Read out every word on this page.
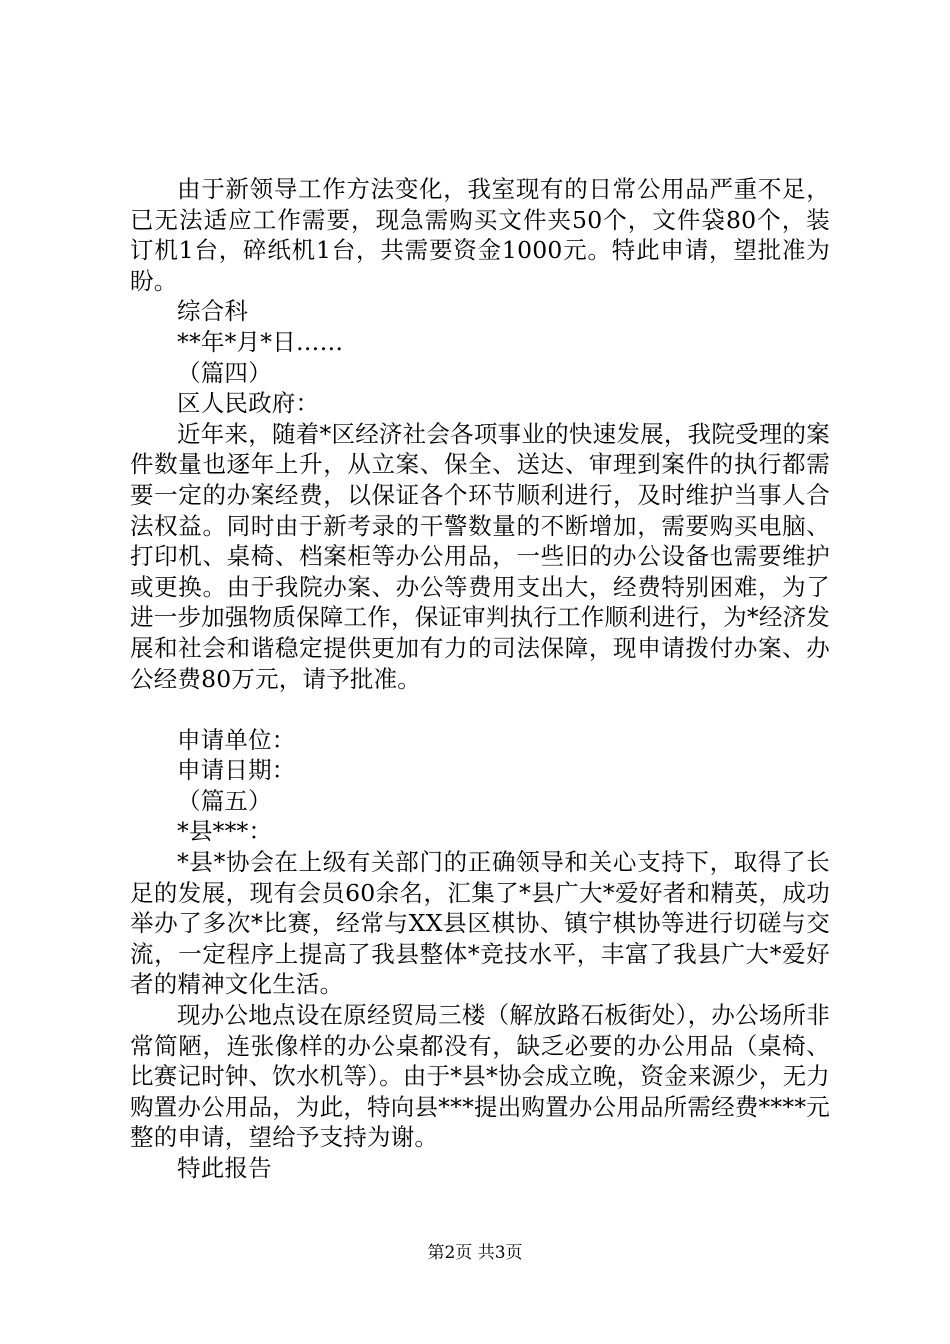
由于新领导工作方法变化，我室现有的日常公用品严重不足，已无法适应工作需要，现急需购买文件夹50个，文件袋80个，装订机1台，碎纸机1台，共需要资金1000元。特此申请，望批准为盼。

综合科

**年*月*日……

（篇四）

区人民政府：

近年来，随着*区经济社会各项事业的快速发展，我院受理的案件数量也逐年上升，从立案、保全、送达、审理到案件的执行都需要一定的办案经费，以保证各个环节顺利进行，及时维护当事人合法权益。同时由于新考录的干警数量的不断增加，需要购买电脑、打印机、桌椅、档案柜等办公用品，一些旧的办公设备也需要维护或更换。由于我院办案、办公等费用支出大，经费特别困难，为了进一步加强物质保障工作，保证审判执行工作顺利进行，为*经济发展和社会和谐稳定提供更加有力的司法保障，现申请拨付办案、办公经费80万元，请予批准。

申请单位：

申请日期：

（篇五）

*县***：

*县*协会在上级有关部门的正确领导和关心支持下，取得了长足的发展，现有会员60余名，汇集了*县广大*爱好者和精英，成功举办了多次*比赛，经常与XX县区棋协、镇宁棋协等进行切磋与交流，一定程序上提高了我县整体*竞技水平，丰富了我县广大*爱好者的精神文化生活。

现办公地点设在原经贸局三楼（解放路石板街处），办公场所非常简陋，连张像样的办公桌都没有，缺乏必要的办公用品（桌椅、比赛记时钟、饮水机等）。由于*县*协会成立晚，资金来源少，无力购置办公用品，为此，特向县***提出购置办公用品所需经费****元整的申请，望给予支持为谢。

特此报告

第2页 共3页
